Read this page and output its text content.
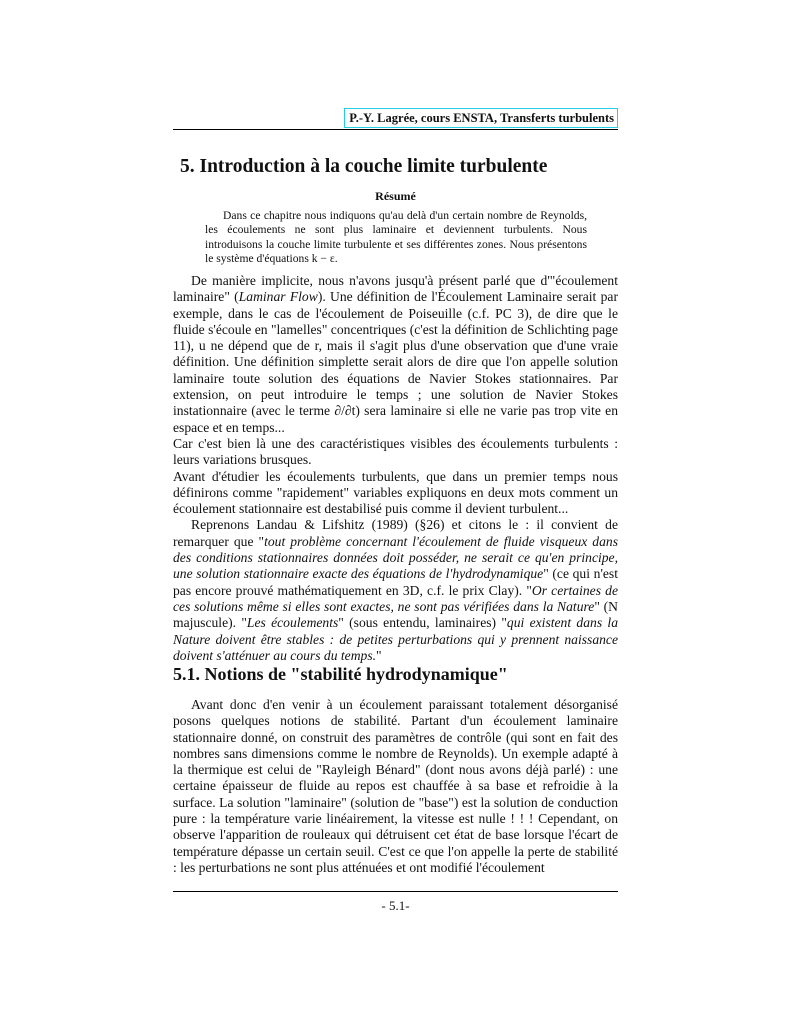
P.-Y. Lagrée, cours ENSTA, Transferts turbulents
5. Introduction à la couche limite turbulente
Résumé

Dans ce chapitre nous indiquons qu'au delà d'un certain nombre de Reynolds, les écoulements ne sont plus laminaire et deviennent turbulents. Nous introduisons la couche limite turbulente et ses différentes zones. Nous présentons le système d'équations k − ε.

De manière implicite, nous n'avons jusqu'à présent parlé que d'"écoulement laminaire" (Laminar Flow). Une définition de l'Écoulement Laminaire serait par exemple, dans le cas de l'écoulement de Poiseuille (c.f. PC 3), de dire que le fluide s'écoule en "lamelles" concentriques (c'est la définition de Schlichting page 11), u ne dépend que de r, mais il s'agit plus d'une observation que d'une vraie définition. Une définition simplette serait alors de dire que l'on appelle solution laminaire toute solution des équations de Navier Stokes stationnaires. Par extension, on peut introduire le temps ; une solution de Navier Stokes instationnaire (avec le terme ∂/∂t) sera laminaire si elle ne varie pas trop vite en espace et en temps...

Car c'est bien là une des caractéristiques visibles des écoulements turbulents : leurs variations brusques.

Avant d'étudier les écoulements turbulents, que dans un premier temps nous définirons comme "rapidement" variables expliquons en deux mots comment un écoulement stationnaire est destabilisé puis comme il devient turbulent...

Reprenons Landau & Lifshitz (1989) (§26) et citons le : il convient de remarquer que "tout problème concernant l'écoulement de fluide visqueux dans des conditions stationnaires données doit posséder, ne serait ce qu'en principe, une solution stationnaire exacte des équations de l'hydrodynamique" (ce qui n'est pas encore prouvé mathématiquement en 3D, c.f. le prix Clay). "Or certaines de ces solutions même si elles sont exactes, ne sont pas vérifiées dans la Nature" (N majuscule). "Les écoulements" (sous entendu, laminaires) "qui existent dans la Nature doivent être stables : de petites perturbations qui y prennent naissance doivent s'atténuer au cours du temps."

5.1. Notions de "stabilité hydrodynamique"

Avant donc d'en venir à un écoulement paraissant totalement désorganisé posons quelques notions de stabilité. Partant d'un écoulement laminaire stationnaire donné, on construit des paramètres de contrôle (qui sont en fait des nombres sans dimensions comme le nombre de Reynolds). Un exemple adapté à la thermique est celui de "Rayleigh Bénard" (dont nous avons déjà parlé) : une certaine épaisseur de fluide au repos est chauffée à sa base et refroidie à la surface. La solution "laminaire" (solution de "base") est la solution de conduction pure : la température varie linéairement, la vitesse est nulle ! ! ! Cependant, on observe l'apparition de rouleaux qui détruisent cet état de base lorsque l'écart de température dépasse un certain seuil. C'est ce que l'on appelle la perte de stabilité : les perturbations ne sont plus atténuées et ont modifié l'écoulement

- 5.1-
